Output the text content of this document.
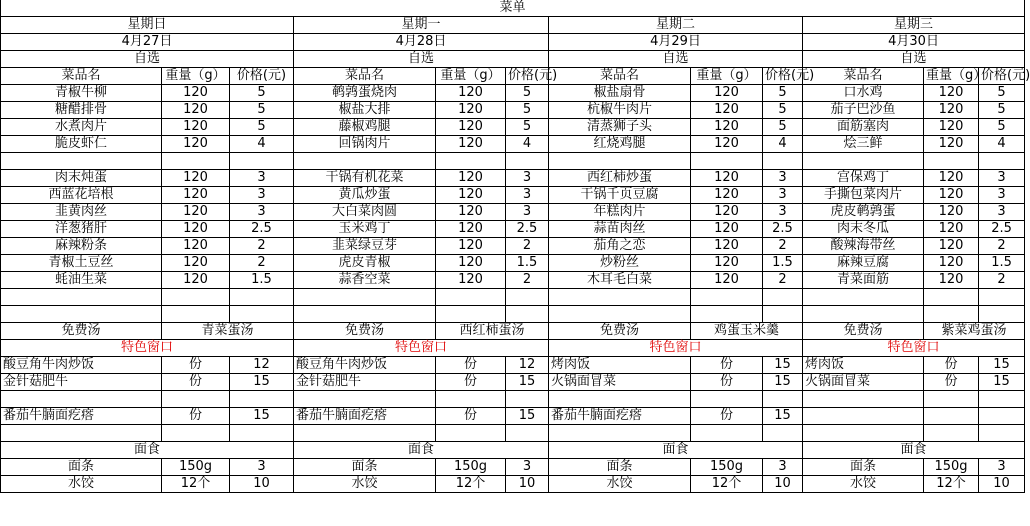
菜单											
星期日			星期一			星期二			星期三		
4月27日			4月28日			4月29日			4月30日		
自选			自选			自选			自选		
菜品名	重量（g）	价格(元)	菜品名	重量（g）	价格(元)	菜品名	重量（g）	价格(元)	菜品名	重量（g）	价格(元)
青椒牛柳	120	5	鹌鹑蛋烧肉	120	5	椒盐扇骨	120	5	口水鸡	120	5
糖醋排骨	120	5	椒盐大排	120	5	杭椒牛肉片	120	5	茄子巴沙鱼	120	5
水煮肉片	120	5	藤椒鸡腿	120	5	清蒸狮子头	120	5	面筋塞肉	120	5
脆皮虾仁	120	4	回锅肉片	120	4	红烧鸡腿	120	4	烩三鲜	120	4

肉末炖蛋	120	3	干锅有机花菜	120	3	西红柿炒蛋	120	3	宫保鸡丁	120	3
西蓝花培根	120	3	黄瓜炒蛋	120	3	干锅千页豆腐	120	3	手撕包菜肉片	120	3
韭黄肉丝	120	3	大白菜肉圆	120	3	年糕肉片	120	3	虎皮鹌鹑蛋	120	3
洋葱猪肝	120	2.5	玉米鸡丁	120	2.5	蒜苗肉丝	120	2.5	肉末冬瓜	120	2.5
麻辣粉条	120	2	韭菜绿豆芽	120	2	茄角之恋	120	2	酸辣海带丝	120	2
青椒土豆丝	120	2	虎皮青椒	120	1.5	炒粉丝	120	1.5	麻辣豆腐	120	1.5
蚝油生菜	120	1.5	蒜香空菜	120	2	木耳毛白菜	120	2	青菜面筋	120	2

免费汤	青菜蛋汤		免费汤	西红柿蛋汤		免费汤	鸡蛋玉米羹		免费汤	紫菜鸡蛋汤	
特色窗口			特色窗口			特色窗口			特色窗口		
酸豆角牛肉炒饭	份	12	酸豆角牛肉炒饭	份	12	烤肉饭	份	15	烤肉饭	份	15
金针菇肥牛	份	15	金针菇肥牛	份	15	火锅面冒菜	份	15	火锅面冒菜	份	15

番茄牛腩面疙瘩	份	15	番茄牛腩面疙瘩	份	15	番茄牛腩面疙瘩	份	15			

面食			面食			面食			面食		
面条	150g	3	面条	150g	3	面条	150g	3	面条	150g	3
水饺	12个	10	水饺	12个	10	水饺	12个	10	水饺	12个	10
